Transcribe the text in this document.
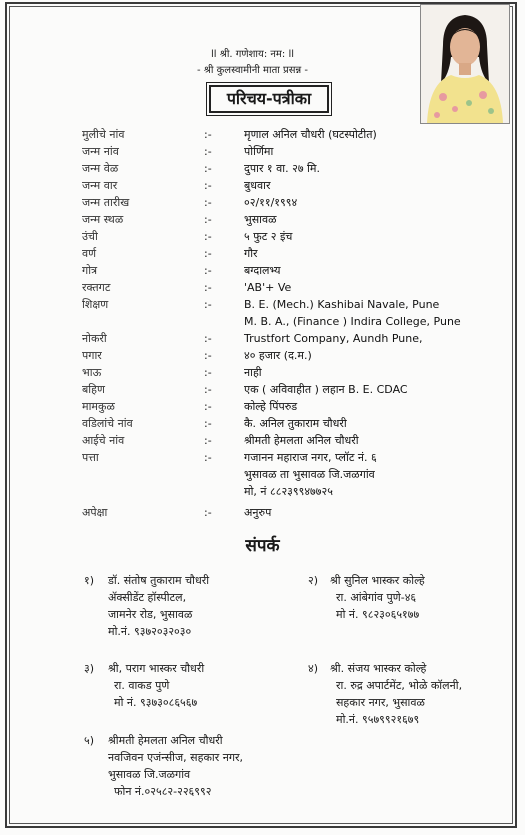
ll श्री. गणेशाय: नम: ll
- श्री कुलस्वामीनी माता प्रसन्न -
परिचय-पत्रीका
मुलीचे नांव	:-	मृणाल अनिल चौधरी (घटस्पोटीत)
जन्म नांव	:-	पोर्णिमा
जन्म वेळ	:-	दुपार १ वा. २७ मि.
जन्म वार	:-	बुधवार
जन्म तारीख	:-	०२/११/१९९४
जन्म स्थळ	:-	भुसावळ
उंची	:-	५ फुट २ इंच
वर्ण	:-	गौर
गोत्र	:-	बग्दालभ्य
रक्तगट	:-	'AB'+ Ve
शिक्षण	:-	B. E. (Mech.) Kashibai Navale, Pune
M. B. A., (Finance ) Indira College, Pune
नोकरी	:-	Trustfort Company, Aundh Pune,
पगार	:-	४० हजार (द.म.)
भाऊ	:-	नाही
बहिण	:-	एक ( अविवाहीत ) लहान B. E. CDAC
मामकुळ	:-	कोल्हे पिंपरुड
वडिलांचे नांव	:-	कै. अनिल तुकाराम चौधरी
आईचे नांव	:-	श्रीमती हेमलता अनिल चौधरी
पत्ता	:-	गजानन महाराज नगर, प्लॉट नं. ६
भुसावळ ता भुसावळ जि.जळगांव
मो, नं ८८२३९९४७७२५
अपेक्षा	:-	अनुरुप
संपर्क
१) डॉ. संतोष तुकाराम चौधरी
ॲक्सीडेंट हॉस्पीटल,
जामनेर रोड, भुसावळ
मो.नं. ९३७२०३२०३०
२) श्री सुनिल भास्कर कोल्हे
रा. आंबेगांव पुणे-४६
मो नं. ९८२३०६५१७७
३) श्री, पराग भास्कर चौधरी
रा. वाकड पुणे
मो नं. ९३७३०८६५६७
४) श्री. संजय भास्कर कोल्हे
रा. रुद्र अपार्टमेंट, भोळे कॉलनी,
सहकार नगर, भुसावळ
मो.नं. ९५७९९२१६७९
५) श्रीमती हेमलता अनिल चौधरी
नवजिवन एजंन्सीज, सहकार नगर,
भुसावळ जि.जळगांव
फोन नं.०२५८२-२२६९९२
